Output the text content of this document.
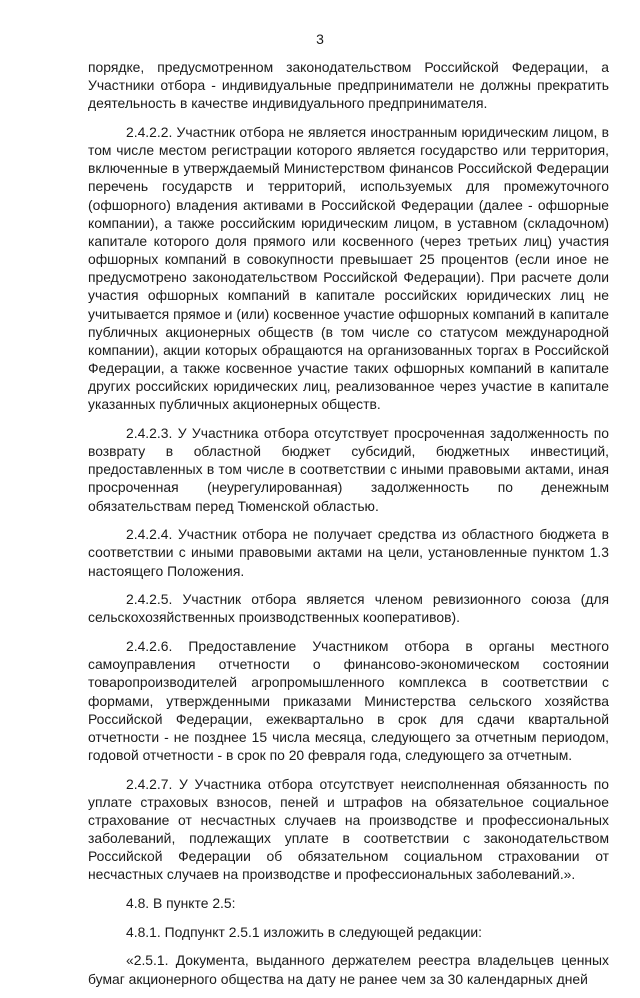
3

порядке, предусмотренном законодательством Российской Федерации, а Участники отбора - индивидуальные предприниматели не должны прекратить деятельность в качестве индивидуального предпринимателя.

2.4.2.2. Участник отбора не является иностранным юридическим лицом, в том числе местом регистрации которого является государство или территория, включенные в утверждаемый Министерством финансов Российской Федерации перечень государств и территорий, используемых для промежуточного (офшорного) владения активами в Российской Федерации (далее - офшорные компании), а также российским юридическим лицом, в уставном (складочном) капитале которого доля прямого или косвенного (через третьих лиц) участия офшорных компаний в совокупности превышает 25 процентов (если иное не предусмотрено законодательством Российской Федерации). При расчете доли участия офшорных компаний в капитале российских юридических лиц не учитывается прямое и (или) косвенное участие офшорных компаний в капитале публичных акционерных обществ (в том числе со статусом международной компании), акции которых обращаются на организованных торгах в Российской Федерации, а также косвенное участие таких офшорных компаний в капитале других российских юридических лиц, реализованное через участие в капитале указанных публичных акционерных обществ.

2.4.2.3. У Участника отбора отсутствует просроченная задолженность по возврату в областной бюджет субсидий, бюджетных инвестиций, предоставленных в том числе в соответствии с иными правовыми актами, иная просроченная (неурегулированная) задолженность по денежным обязательствам перед Тюменской областью.

2.4.2.4. Участник отбора не получает средства из областного бюджета в соответствии с иными правовыми актами на цели, установленные пунктом 1.3 настоящего Положения.

2.4.2.5. Участник отбора является членом ревизионного союза (для сельскохозяйственных производственных кооперативов).

2.4.2.6. Предоставление Участником отбора в органы местного самоуправления отчетности о финансово-экономическом состоянии товаропроизводителей агропромышленного комплекса в соответствии с формами, утвержденными приказами Министерства сельского хозяйства Российской Федерации, ежеквартально в срок для сдачи квартальной отчетности - не позднее 15 числа месяца, следующего за отчетным периодом, годовой отчетности - в срок по 20 февраля года, следующего за отчетным.

2.4.2.7. У Участника отбора отсутствует неисполненная обязанность по уплате страховых взносов, пеней и штрафов на обязательное социальное страхование от несчастных случаев на производстве и профессиональных заболеваний, подлежащих уплате в соответствии с законодательством Российской Федерации об обязательном социальном страховании от несчастных случаев на производстве и профессиональных заболеваний.».

4.8. В пункте 2.5:

4.8.1. Подпункт 2.5.1 изложить в следующей редакции:

«2.5.1. Документа, выданного держателем реестра владельцев ценных бумаг акционерного общества на дату не ранее чем за 30 календарных дней
